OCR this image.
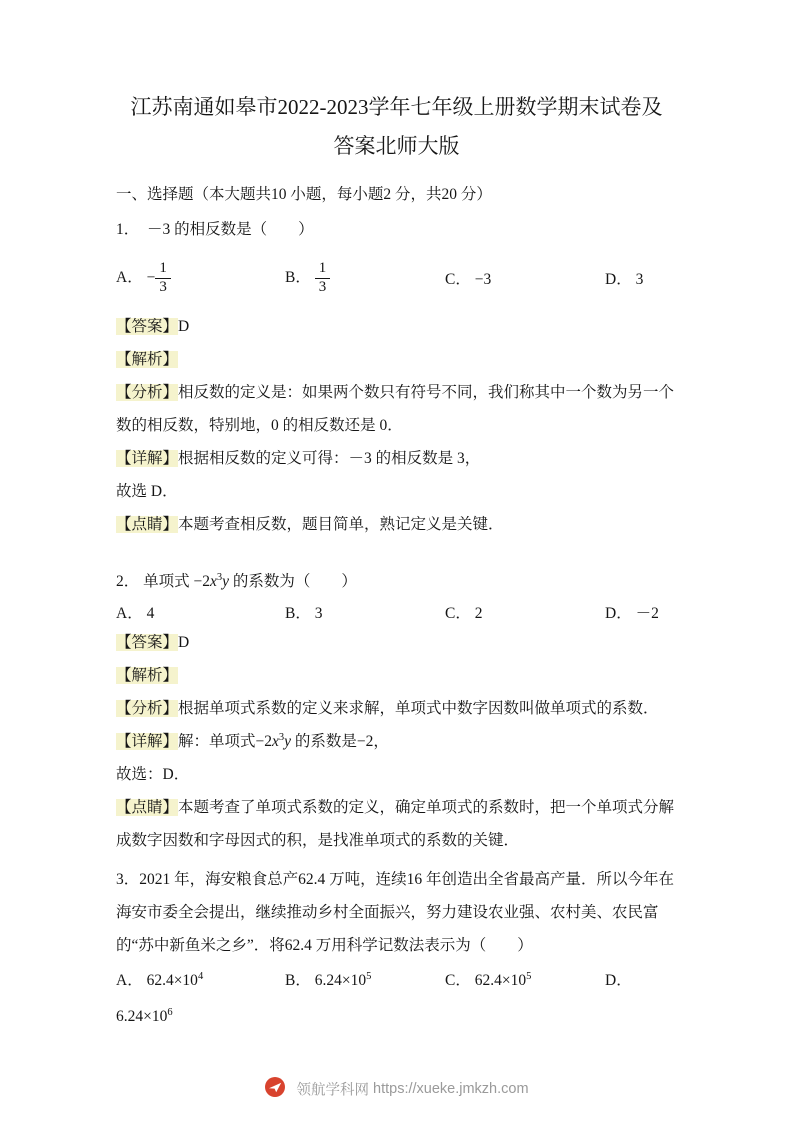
江苏南通如皋市2022-2023学年七年级上册数学期末试卷及
答案北师大版

一、选择题（本大题共10 小题，每小题2 分，共20 分）

1．　－3 的相反数是（　　）

A． − $\frac{1}{3}$	B． $\frac{1}{3}$	C． −3	D． 3

【答案】D

【解析】

【分析】相反数的定义是：如果两个数只有符号不同，我们称其中一个数为另一个数的相反数，特别地，0 的相反数还是 0．

【详解】根据相反数的定义可得：－3 的相反数是 3，

故选 D．

【点睛】本题考查相反数，题目简单，熟记定义是关键．

2． 单项式 $-2x^3y$ 的系数为（　　）

A． 4	B． 3	C． 2	D． －2

【答案】D

【解析】

【分析】根据单项式系数的定义来求解，单项式中数字因数叫做单项式的系数．

【详解】解：单项式$-2x^3y$ 的系数是−2，

故选：D．

【点睛】本题考查了单项式系数的定义，确定单项式的系数时，把一个单项式分解成数字因数和字母因式的积，是找准单项式的系数的关键．

3．2021 年，海安粮食总产62.4 万吨，连续16 年创造出全省最高产量．所以今年在海安市委全会提出，继续推动乡村全面振兴，努力建设农业强、农村美、农民富的“苏中新鱼米之乡”．将62.4 万用科学记数法表示为（　　）

A． $62.4\times 10^4$	B． $6.24\times 10^5$	C． $62.4\times 10^5$	D．

$6.24\times 10^6$

领航学科网 https://xueke.jmkzh.com
